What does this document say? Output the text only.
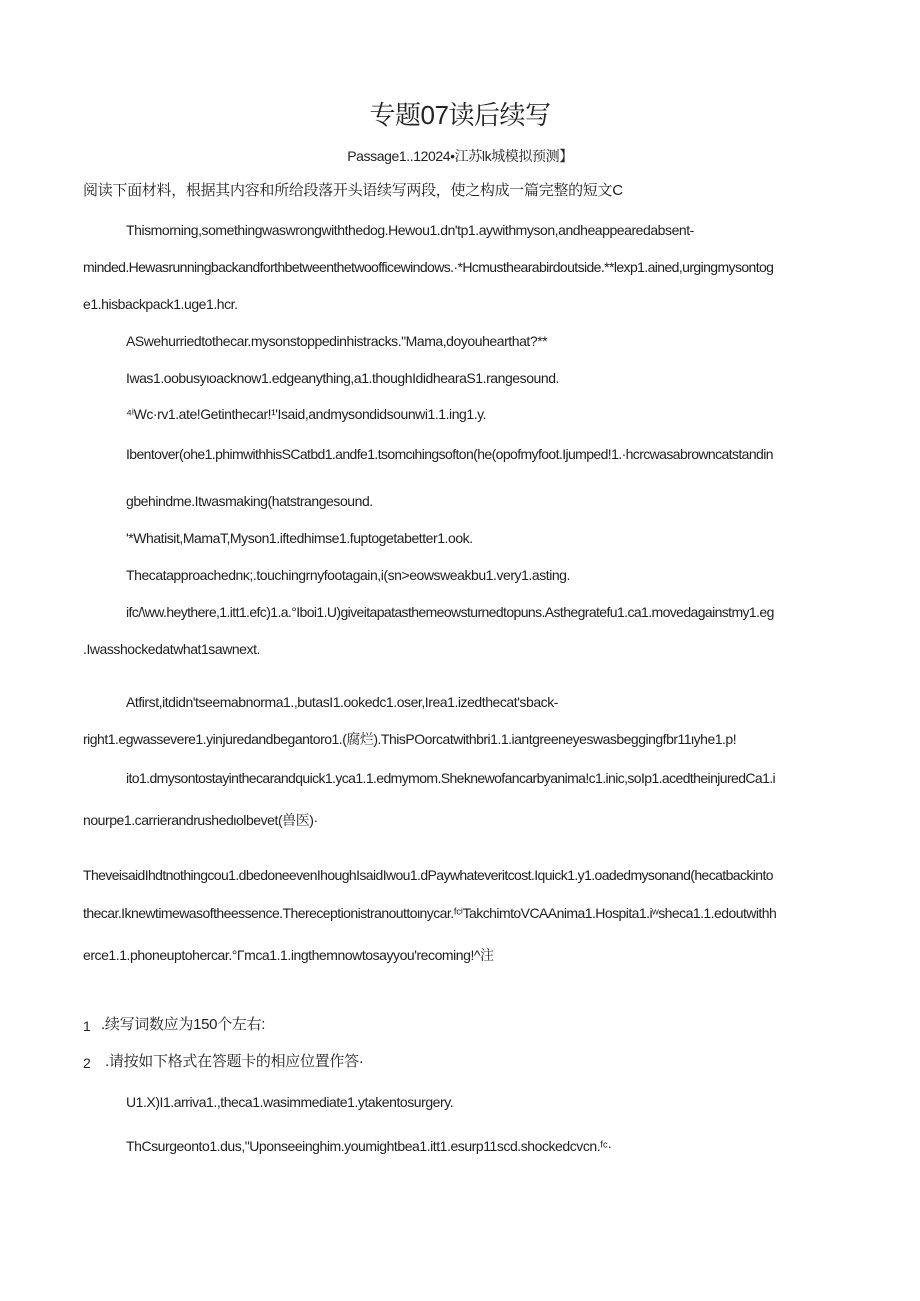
专题07读后续写
Passage1..12024•江苏lk城模拟预测】
阅读下面材料，根据其内容和所给段落开头语续写两段，使之构成一篇完整的短文C
Thismorning,somethingwaswrongwiththedog.Hewou1.dn'tp1.aywithmyson,andheappearedabsent-
minded.Hewasrunningbackandforthbetweenthetwoofficewindows.·*Hcmusthearabirdoutside.**lexp1.ained,urgingmysontog
e1.hisbackpack1.uge1.hcr.
ASwehurriedtothecar.mysonstoppedinhistracks."Mama,doyouhearthat?**
Iwas1.oobusyιoacknow1.edgeanything,a1.thoughIdidhearaS1.rangesound.
⁴ⁱWc·rv1.ate!Getinthecar!¹'Isaid,andmysondidsounwi1.1.ing1.y.
Ibentover(ohe1.phimwithhisSCatbd1.andfe1.tsomcιhingsofton(he(opofmyfoot.Ijumped!1.·hcrcwasabrowncatstandin
gbehindme.Itwasmaking(hatstrangesound.
'*Whatisit,MamaT,Myson1.iftedhimse1.fuptogetabetter1.ook.
Thecatapproachednκ;.touchingrnyfootagain,i(sn>eowsweakbu1.very1.asting.
ifc/\ww.heythere,1.itt1.efc)1.a.°Iboi1.U)giveitapatasthemeowsturnedtopuns.Asthegratefu1.ca1.movedagainstmy1.eg
.Iwasshockedatwhat1sawnext.
Atfirst,itdidn'tseemabnorma1.,butasI1.ookedc1.oser,Irea1.izedthecat'sback-
right1.egwassevere1.yinjuredandbegantoro1.(腐烂).ThisPOorcatwithbri1.1.iantgreeneyeswasbeggingfbr11ιyhe1.p!
ito1.dmysontostayinthecarandquick1.yca1.1.edmymom.Sheknewofancarbyanima!c1.inic,soIp1.acedtheinjuredCa1.i
nourpe1.carrierandrushedιolbevet(兽医)·
TheveisaidIhdtnothingcou1.dbedoneevenIhoughIsaidIwou1.dPaywhateveritcost.Iquick1.y1.oadedmysonand(hecatbackinto
thecar.Iknewtimewasoftheessence.Thereceptionistranouttoιnycar.ᶠᶜⁱTakchimtoVCAAnima1.Hospita1.iʷsheca1.1.edoutwithh
erce1.1.phoneuptohercar.°Γmca1.1.ingthemnowtosayyou'recoming!^注
1 .续写词数应为150个左右:
2 .请按如下格式在答题卡的相应位置作答·
U1.X)I1.arriva1.,theca1.wasimmediate1.ytakentosurgery.
ThCsurgeonto1.dus,"Uponseeinghim.youmightbea1.itt1.esurp11scd.shockedcvcn.ᶠᶜ·
